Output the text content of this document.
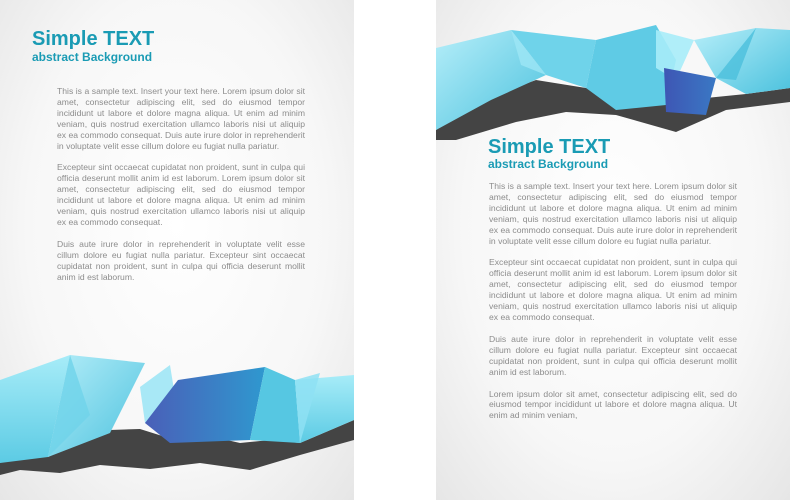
Simple TEXT
abstract Background

This is a sample text. Insert your text here. Lorem ipsum dolor sit amet, consectetur adipiscing elit, sed do eiusmod tempor incididunt ut labore et dolore magna aliqua. Ut enim ad minim veniam, quis nostrud exercitation ullamco laboris nisi ut aliquip ex ea commodo consequat. Duis aute irure dolor in reprehenderit in voluptate velit esse cillum dolore eu fugiat nulla pariatur.

Excepteur sint occaecat cupidatat non proident, sunt in culpa qui officia deserunt mollit anim id est laborum. Lorem ipsum dolor sit amet, consectetur adipiscing elit, sed do eiusmod tempor incididunt ut labore et dolore magna aliqua. Ut enim ad minim veniam, quis nostrud exercitation ullamco laboris nisi ut aliquip ex ea commodo consequat.

Duis aute irure dolor in reprehenderit in voluptate velit esse cillum dolore eu fugiat nulla pariatur. Excepteur sint occaecat cupidatat non proident, sunt in culpa qui officia deserunt mollit anim id est laborum.

Simple TEXT
abstract Background

This is a sample text. Insert your text here. Lorem ipsum dolor sit amet, consectetur adipiscing elit, sed do eiusmod tempor incididunt ut labore et dolore magna aliqua. Ut enim ad minim veniam, quis nostrud exercitation ullamco laboris nisi ut aliquip ex ea commodo consequat. Duis aute irure dolor in reprehenderit in voluptate velit esse cillum dolore eu fugiat nulla pariatur.

Excepteur sint occaecat cupidatat non proident, sunt in culpa qui officia deserunt mollit anim id est laborum. Lorem ipsum dolor sit amet, consectetur adipiscing elit, sed do eiusmod tempor incididunt ut labore et dolore magna aliqua. Ut enim ad minim veniam, quis nostrud exercitation ullamco laboris nisi ut aliquip ex ea commodo consequat.

Duis aute irure dolor in reprehenderit in voluptate velit esse cillum dolore eu fugiat nulla pariatur. Excepteur sint occaecat cupidatat non proident, sunt in culpa qui officia deserunt mollit anim id est laborum.

Lorem ipsum dolor sit amet, consectetur adipiscing elit, sed do eiusmod tempor incididunt ut labore et dolore magna aliqua. Ut enim ad minim veniam,
